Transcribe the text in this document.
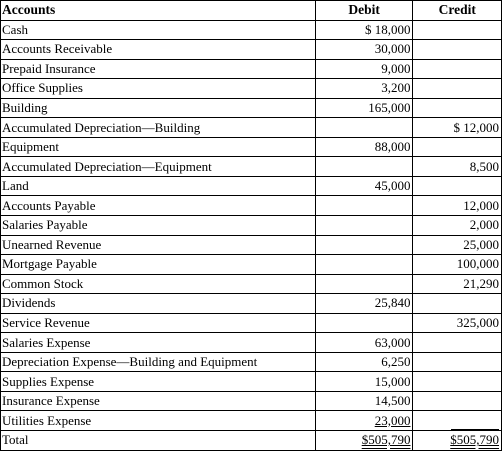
Accounts	Debit	Credit
Cash	$ 18,000	
Accounts Receivable	30,000	
Prepaid Insurance	9,000	
Office Supplies	3,200	
Building	165,000	
Accumulated Depreciation—Building		$ 12,000
Equipment	88,000	
Accumulated Depreciation—Equipment		8,500
Land	45,000	
Accounts Payable		12,000
Salaries Payable		2,000
Unearned Revenue		25,000
Mortgage Payable		100,000
Common Stock		21,290
Dividends	25,840	
Service Revenue		325,000
Salaries Expense	63,000	
Depreciation Expense—Building and Equipment	6,250	
Supplies Expense	15,000	
Insurance Expense	14,500	
Utilities Expense	23,000	
Total	$505,790	$505,790
